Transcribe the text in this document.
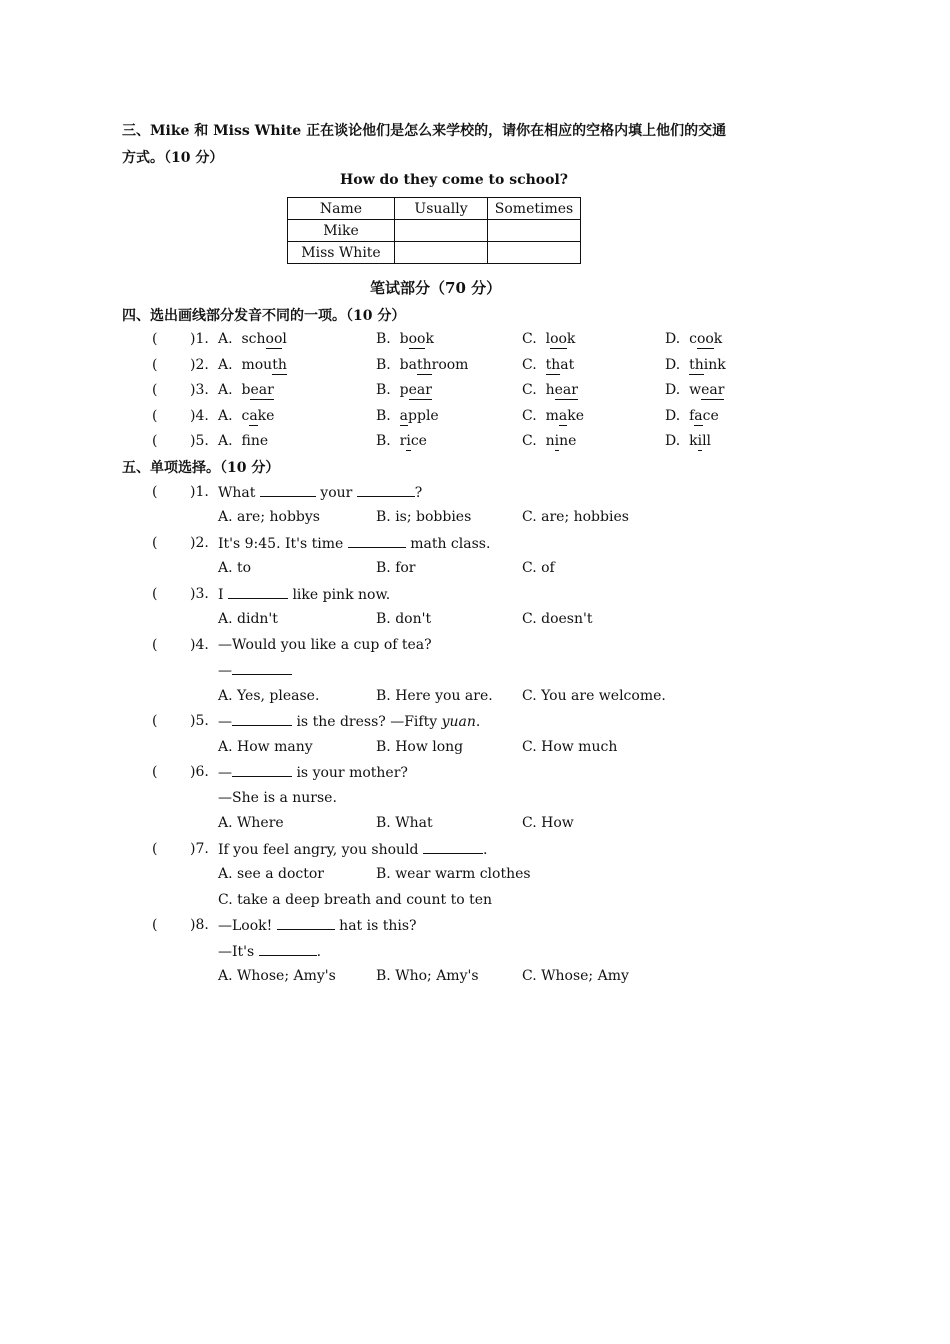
三、Mike 和 Miss White 正在谈论他们是怎么来学校的，请你在相应的空格内填上他们的交通
方式。（10 分）
How do they come to school?
Name	Usually	Sometimes
Mike		
Miss White		
笔试部分（70 分）
四、选出画线部分发音不同的一项。（10 分）
( )1. A. school	B. book	C. look	D. cook
( )2. A. mouth	B. bathroom	C. that	D. think
( )3. A. bear	B. pear	C. hear	D. wear
( )4. A. cake	B. apple	C. make	D. face
( )5. A. fne	B. rice	C. nine	D. kill
五、单项选择。（10 分）
( )1. What	your	?
A. are; hobbys	B. is; bobbies	C. are; hobbies
( )2. It's 9:45. It's time	math class.
A. to	B. for	C. of
( )3. I	like pink now.
A. didn't	B. don't	C. doesn't
( )4. —Would you like a cup of tea?
—
A. Yes, please.	B. Here you are. C. You are welcome.
( )5. —	is the dress? —Fifty yuan.
A. How many	B. How long	C. How much
( )6. —	is your mother?
—She is a nurse.
A. Where	B. What	C. How
( )7. If you feel angry, you should	.
A. see a doctor	B. wear warm clothes
C. take a deep breath and count to ten
( )8. —Look!	hat is this?
—It's	.
A. Whose; Amy's	B. Who; Amy's	C. Whose; Amy
